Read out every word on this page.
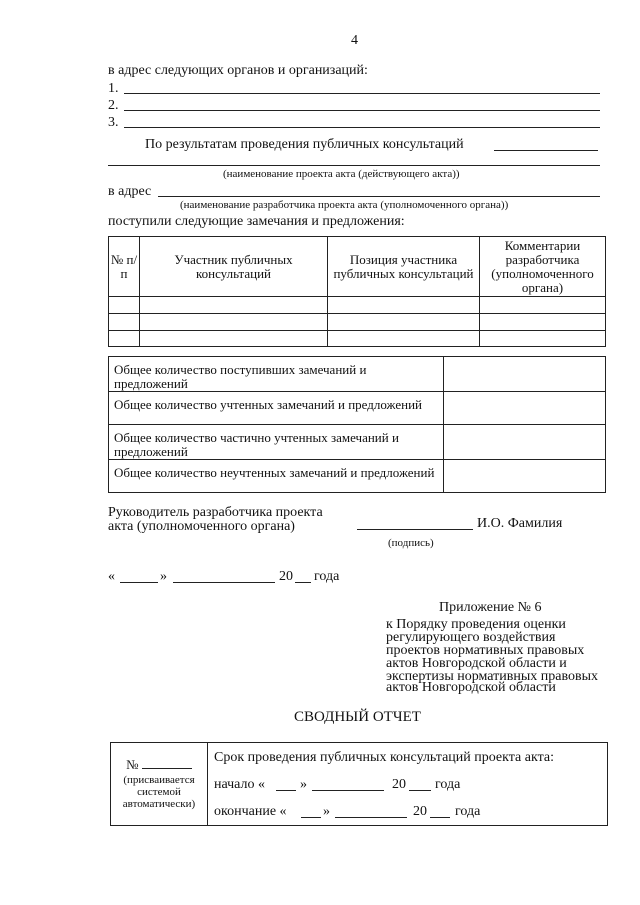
4
в адрес следующих органов и организаций:
1.
2.
3.
По результатам проведения публичных консультаций
(наименование проекта акта (действующего акта))
в адрес
(наименование разработчика проекта акта (уполномоченного органа))
поступили следующие замечания и предложения:
№ п/п	Участник публичных консультаций	Позиция участника публичных консультаций	Комментарии разработчика (уполномоченного органа)

Общее количество поступивших замечаний и предложений	
Общее количество учтенных замечаний и предложений	
Общее количество частично учтенных замечаний и предложений	
Общее количество неучтенных замечаний и предложений	
Руководитель разработчика проекта
акта (уполномоченного органа)	И.О. Фамилия
(подпись)
«	»	20 года
Приложение № 6
к Порядку проведения оценки
регулирующего воздействия
проектов нормативных правовых
актов Новгородской области и
экспертизы нормативных правовых
актов Новгородской области
СВОДНЫЙ ОТЧЕТ
№
(присваивается
системой
автоматически)

Срок проведения публичных консультаций проекта акта:
начало « »	20 года
окончание «	»	20 года
